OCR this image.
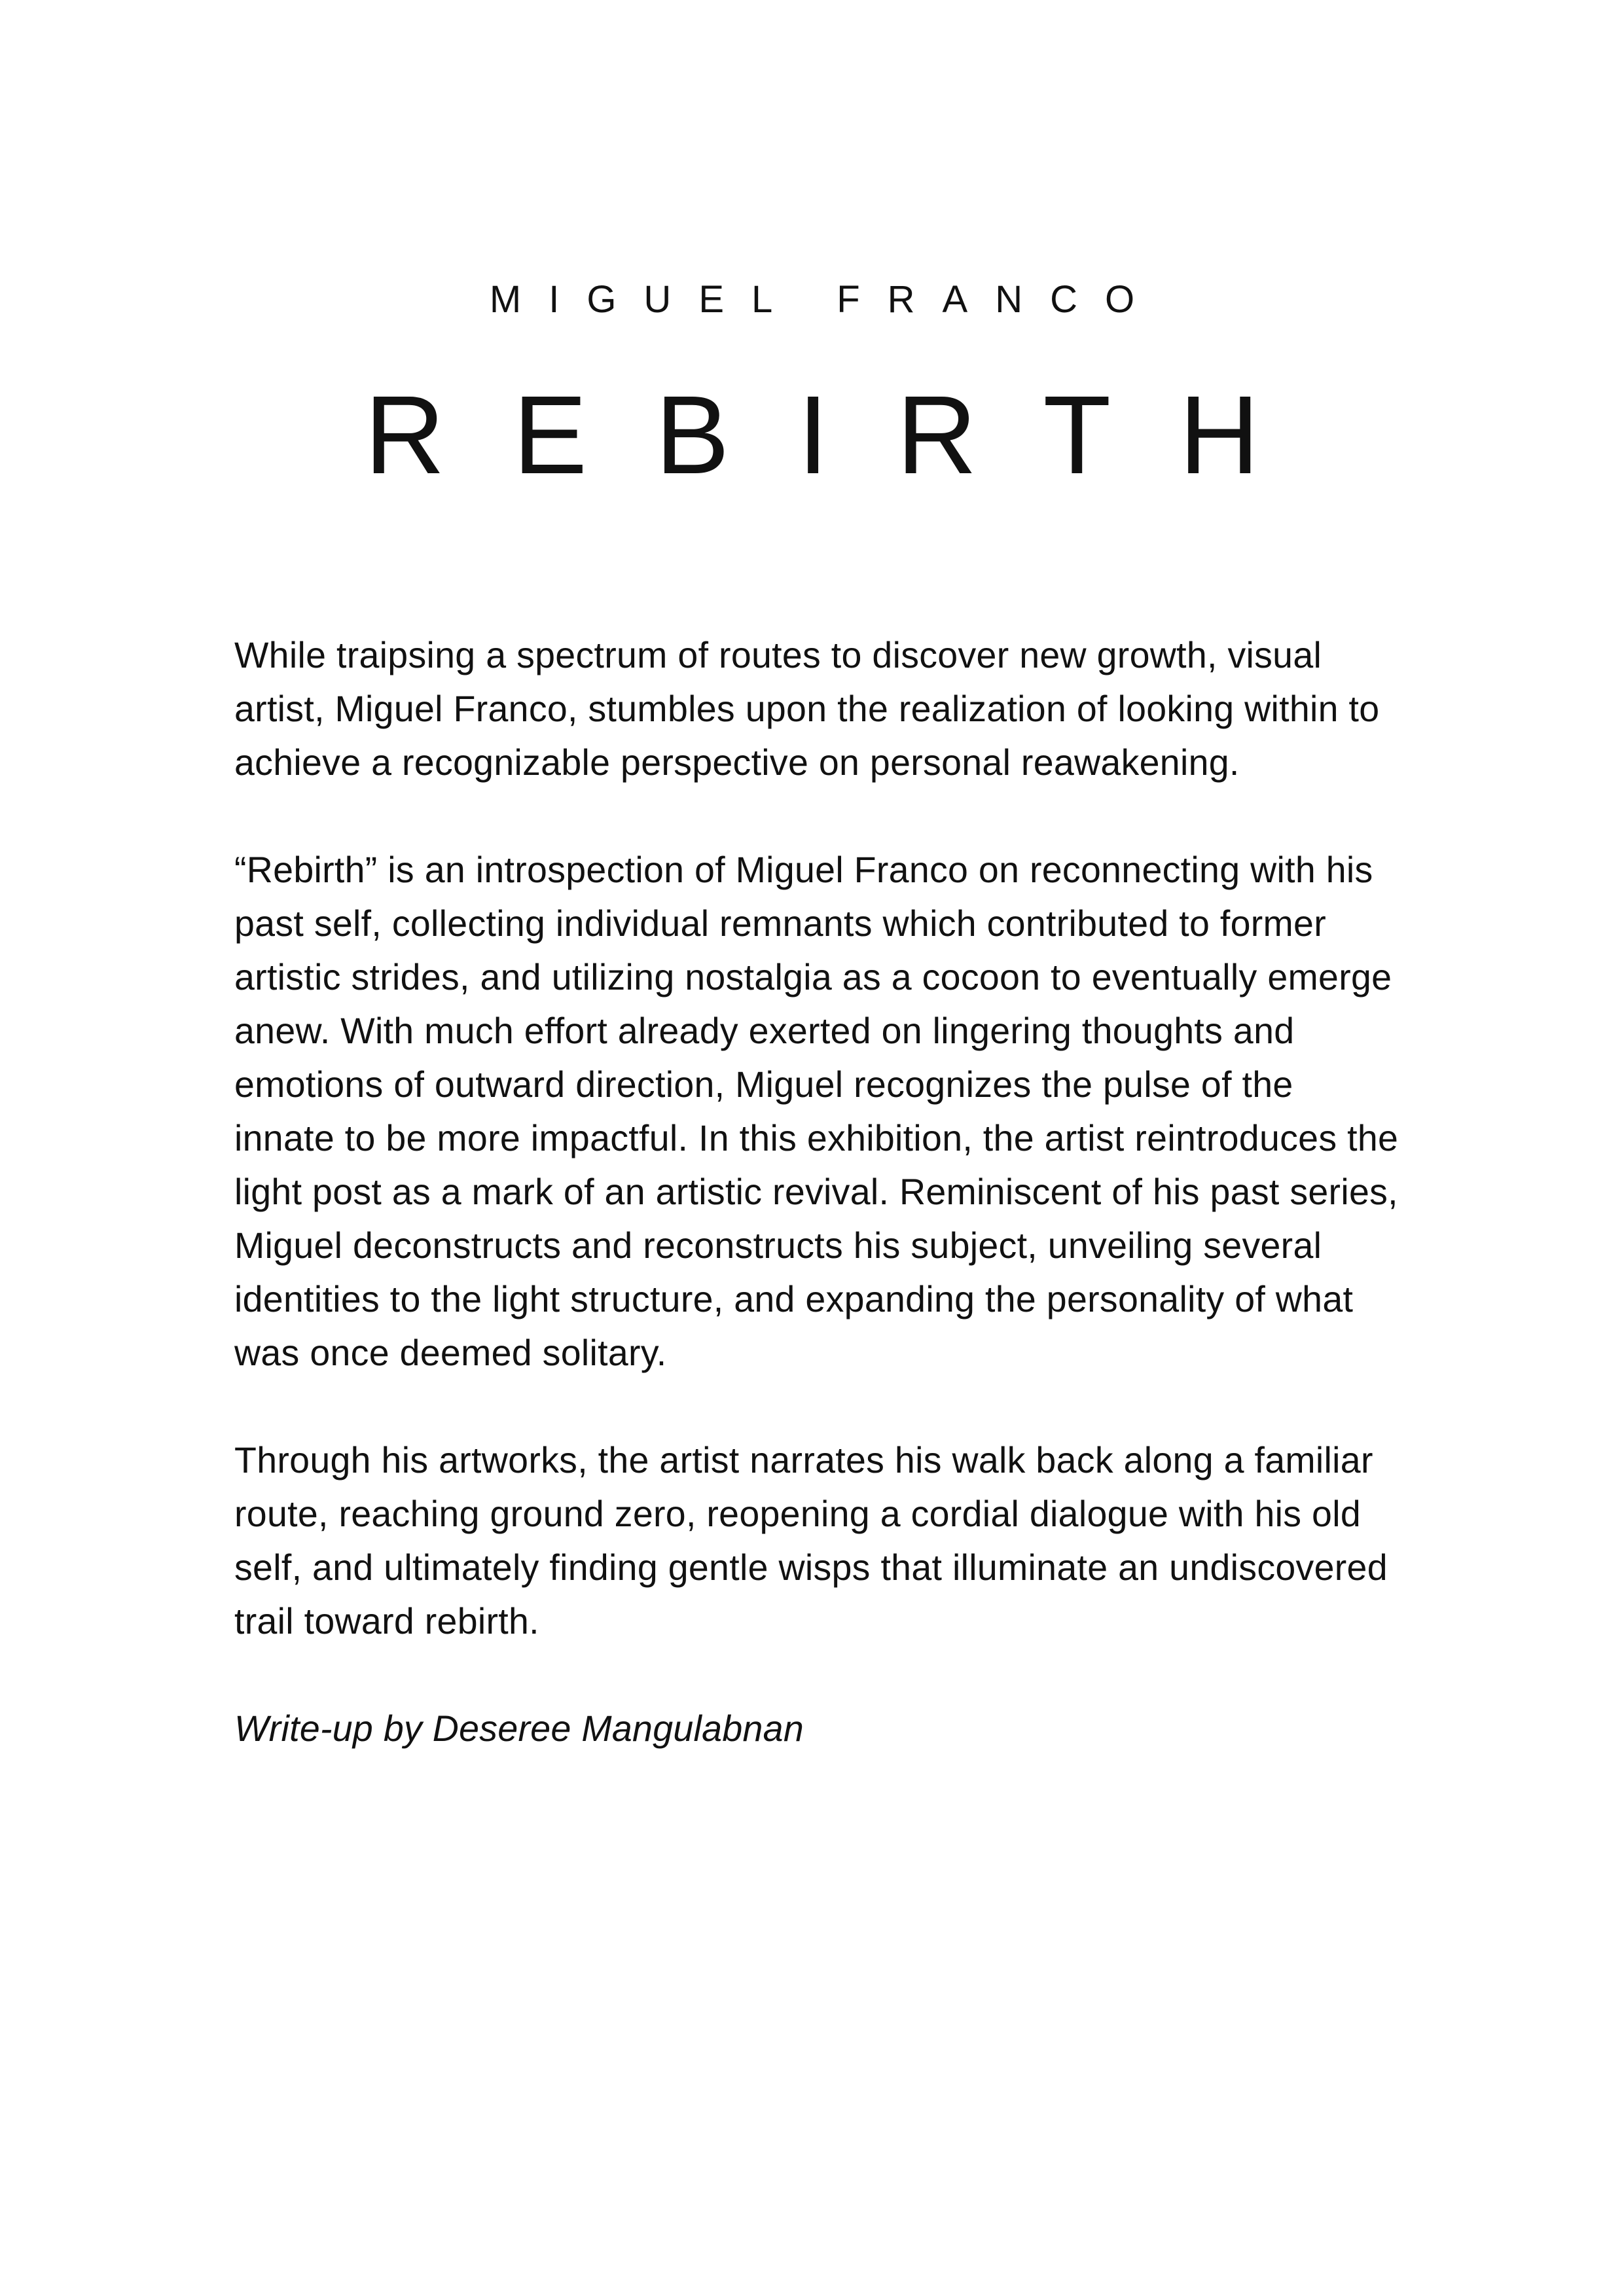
MIGUEL FRANCO
REBIRTH

While traipsing a spectrum of routes to discover new growth, visual artist, Miguel Franco, stumbles upon the realization of looking within to achieve a recognizable perspective on personal reawakening.

“Rebirth” is an introspection of Miguel Franco on reconnecting with his past self, collecting individual remnants which contributed to former artistic strides, and utilizing nostalgia as a cocoon to eventually emerge anew. With much effort already exerted on lingering thoughts and emotions of outward direction, Miguel recognizes the pulse of the innate to be more impactful. In this exhibition, the artist reintroduces the light post as a mark of an artistic revival. Reminiscent of his past series, Miguel deconstructs and reconstructs his subject, unveiling several identities to the light structure, and expanding the personality of what was once deemed solitary.

Through his artworks, the artist narrates his walk back along a familiar route, reaching ground zero, reopening a cordial dialogue with his old self, and ultimately finding gentle wisps that illuminate an undiscovered trail toward rebirth.

Write-up by Deseree Mangulabnan
